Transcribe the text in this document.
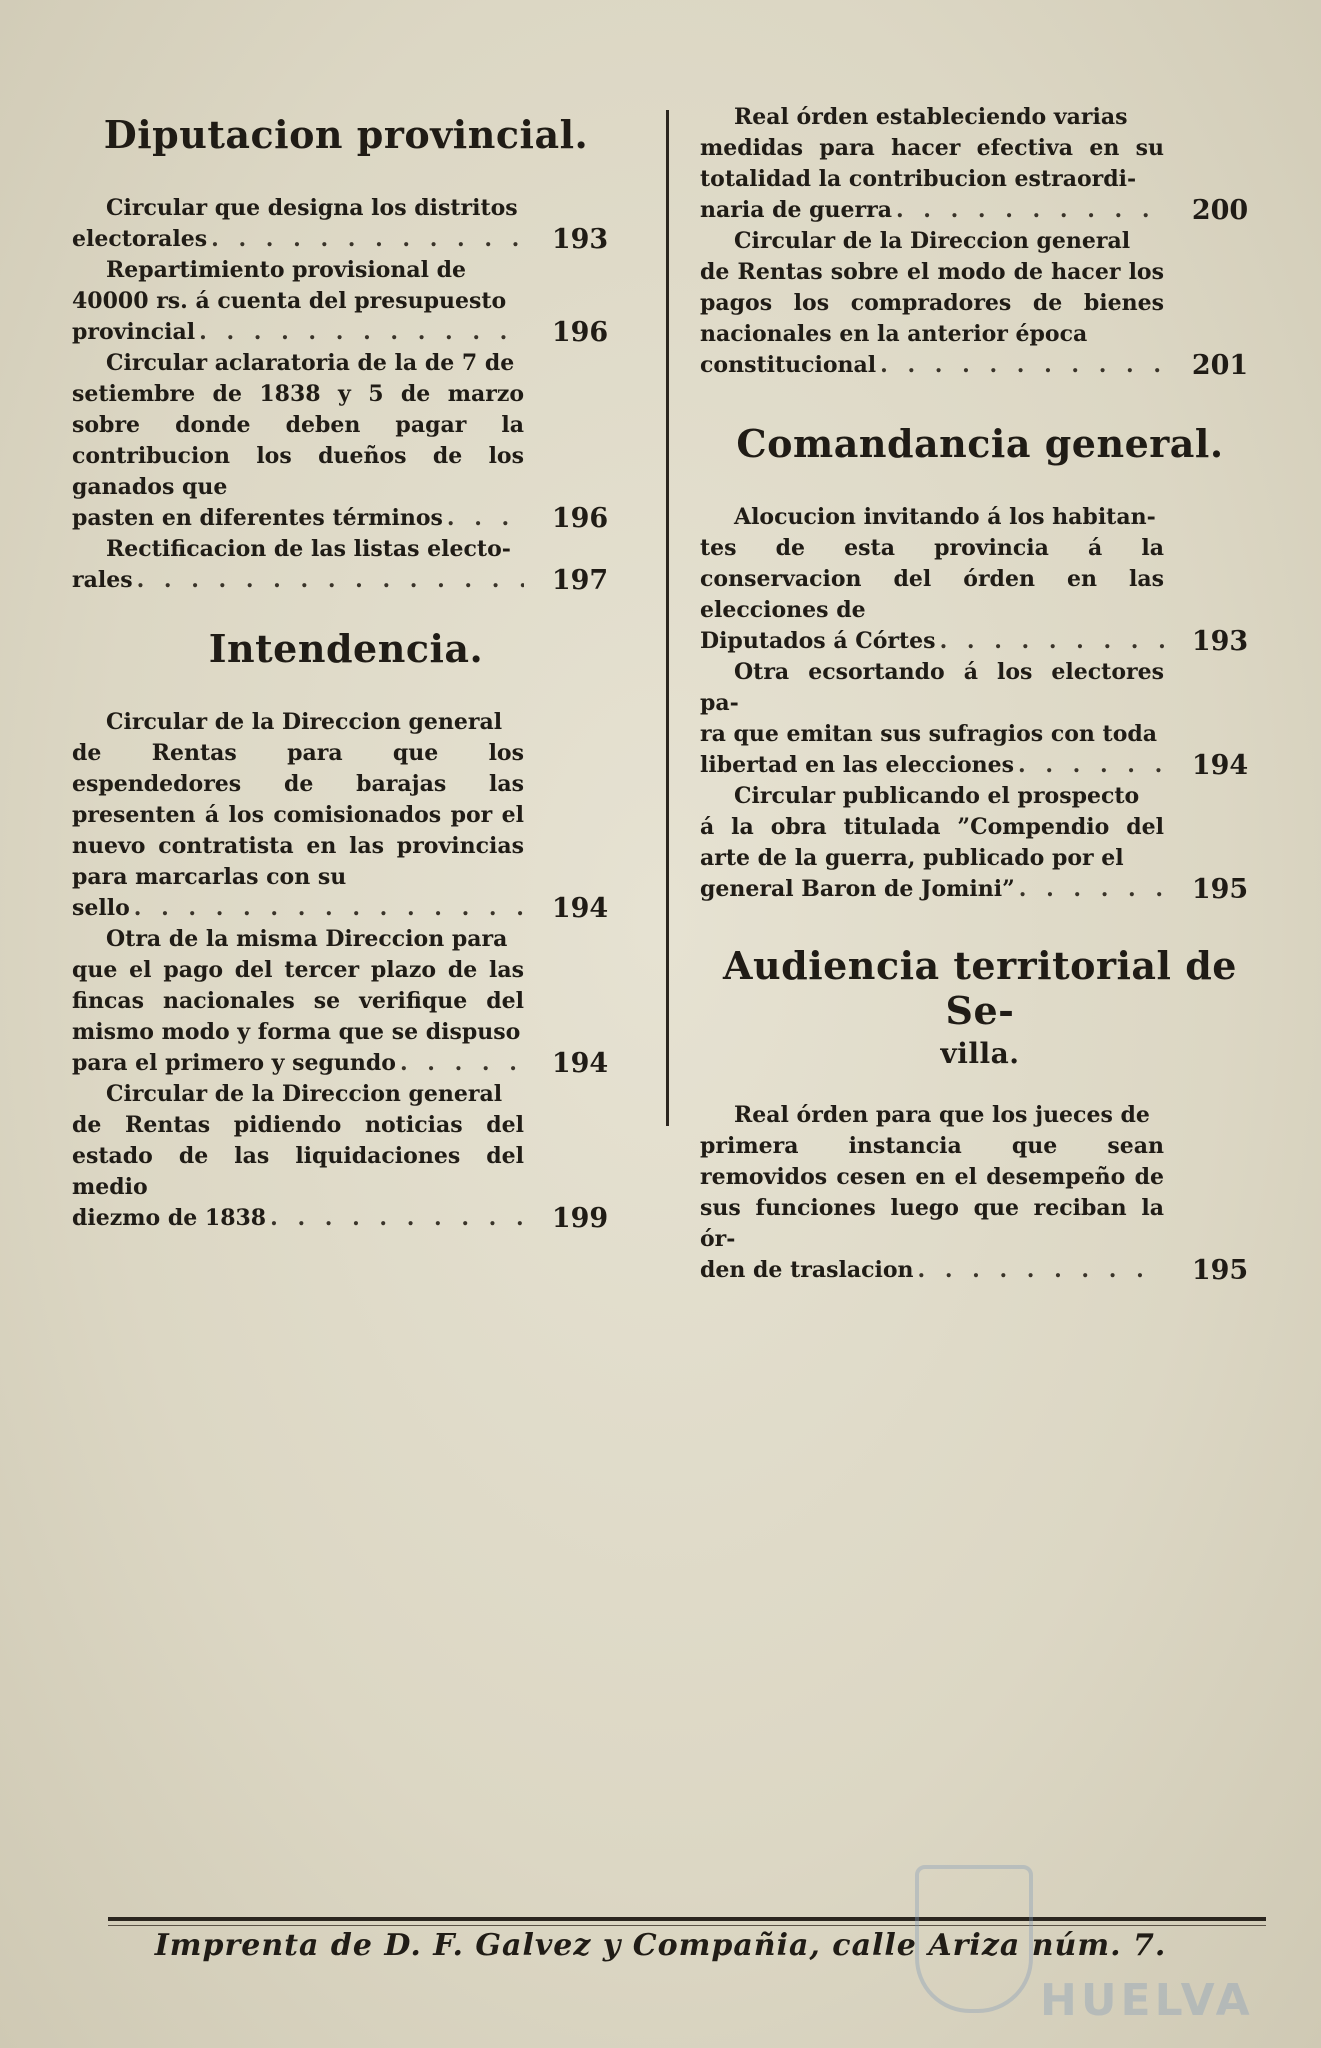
Diputacion provincial.
Circular que designa los distritos
electorales . . .	193
Repartimiento provisional de
40000 rs. á cuenta del presupuesto
provincial . . .	196
Circular aclaratoria de la de 7 de
setiembre de 1838 y 5 de marzo sobre donde deben pagar la contribucion los dueños de los ganados que
pasten en diferentes términos . . .	196
Rectificacion de las listas electo-
rales . . .	197
Intendencia.
Circular de la Direccion general
de Rentas para que los espendedores de barajas las presenten á los comisionados por el nuevo contratista en las provincias para marcarlas con su
sello . . .	194
Otra de la misma Direccion para
que el pago del tercer plazo de las fincas nacionales se verifique del mismo modo y forma que se dispuso
para el primero y segundo . . .	194
Circular de la Direccion general
de Rentas pidiendo noticias del estado de las liquidaciones del medio
diezmo de 1838 . . .	199
Real órden estableciendo varias
medidas para hacer efectiva en su totalidad la contribucion estraordi-
naria de guerra . . .	200
Circular de la Direccion general
de Rentas sobre el modo de hacer los pagos los compradores de bienes nacionales en la anterior época
constitucional . . .	201
Comandancia general.
Alocucion invitando á los habitan-
tes de esta provincia á la conservacion del órden en las elecciones de
Diputados á Córtes . . .	193
Otra ecsortando á los electores pa-
ra que emitan sus sufragios con toda
libertad en las elecciones . . .	194
Circular publicando el prospecto
á la obra titulada ”Compendio del arte de la guerra, publicado por el
general Baron de Jomini” . . .	195
Audiencia territorial de Se-
villa.
Real órden para que los jueces de
primera instancia que sean removidos cesen en el desempeño de sus funciones luego que reciban la ór-
den de traslacion . . .	195
Imprenta de D. F. Galvez y Compañia, calle Ariza núm. 7.
HUELVA
